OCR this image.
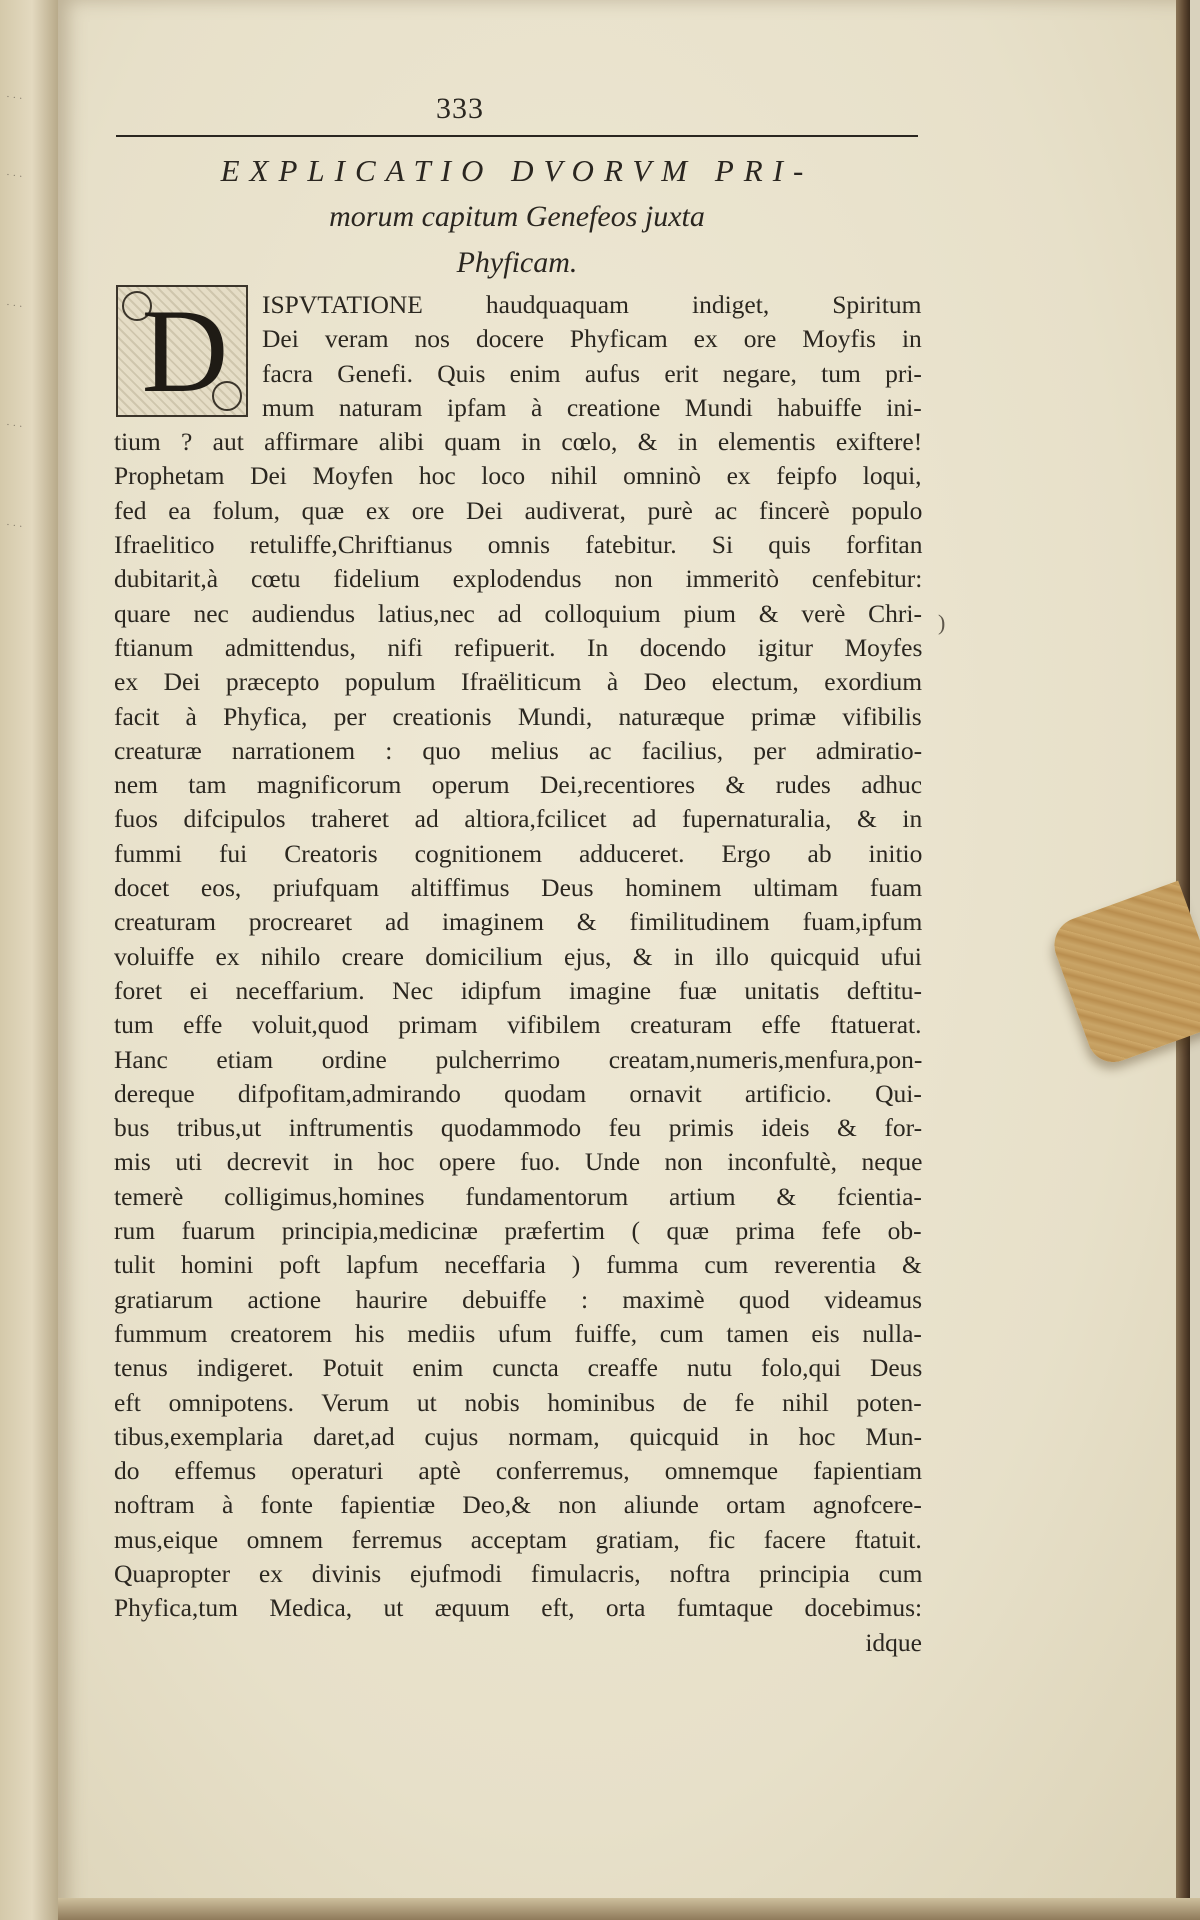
· · ·
· · ·
· · ·
· · ·
· · ·
333
EXPLICATIO DVORVM PRI-
morum capitum Genefeos juxta
Phyficam.
D	ISPVTATIONE haudquaquam indiget, Spiritum
Dei veram nos docere Phyficam ex ore Moyfis in
facra Genefi. Quis enim aufus erit negare, tum pri-
mum naturam ipfam à creatione Mundi habuiffe ini-
tium ? aut affirmare alibi quam in cœlo, & in elementis exiftere!
Prophetam Dei Moyfen hoc loco nihil omninò ex feipfo loqui,
fed ea folum, quæ ex ore Dei audiverat, purè ac fincerè populo
Ifraelitico retuliffe,Chriftianus omnis fatebitur. Si quis forfitan
dubitarit,à cœtu fidelium explodendus non immeritò cenfebitur:
quare nec audiendus latius,nec ad colloquium pium & verè Chri-
ftianum admittendus, nifi refipuerit. In docendo igitur Moyfes
ex Dei præcepto populum Ifraëliticum à Deo electum, exordium
facit à Phyfica, per creationis Mundi, naturæque primæ vifibilis
creaturæ narrationem : quo melius ac facilius, per admiratio-
nem tam magnificorum operum Dei,recentiores & rudes adhuc
fuos difcipulos traheret ad altiora,fcilicet ad fupernaturalia, & in
fummi fui Creatoris cognitionem adduceret. Ergo ab initio
docet eos, priufquam altiffimus Deus hominem ultimam fuam
creaturam procrearet ad imaginem & fimilitudinem fuam,ipfum
voluiffe ex nihilo creare domicilium ejus, & in illo quicquid ufui
foret ei neceffarium. Nec idipfum imagine fuæ unitatis deftitu-
tum effe voluit,quod primam vifibilem creaturam effe ftatuerat.
Hanc etiam ordine pulcherrimo creatam,numeris,menfura,pon-
dereque difpofitam,admirando quodam ornavit artificio. Qui-
bus tribus,ut inftrumentis quodammodo feu primis ideis & for-
mis uti decrevit in hoc opere fuo. Unde non inconfultè, neque
temerè colligimus,homines fundamentorum artium & fcientia-
rum fuarum principia,medicinæ præfertim ( quæ prima fefe ob-
tulit homini poft lapfum neceffaria ) fumma cum reverentia &
gratiarum actione haurire debuiffe : maximè quod videamus
fummum creatorem his mediis ufum fuiffe, cum tamen eis nulla-
tenus indigeret. Potuit enim cuncta creaffe nutu folo,qui Deus
eft omnipotens. Verum ut nobis hominibus de fe nihil poten-
tibus,exemplaria daret,ad cujus normam, quicquid in hoc Mun-
do effemus operaturi aptè conferremus, omnemque fapientiam
noftram à fonte fapientiæ Deo,& non aliunde ortam agnofcere-
mus,eique omnem ferremus acceptam gratiam, fic facere ftatuit.
Quapropter ex divinis ejufmodi fimulacris, noftra principia cum
Phyfica,tum Medica, ut æquum eft, orta fumtaque docebimus:
idque
)
